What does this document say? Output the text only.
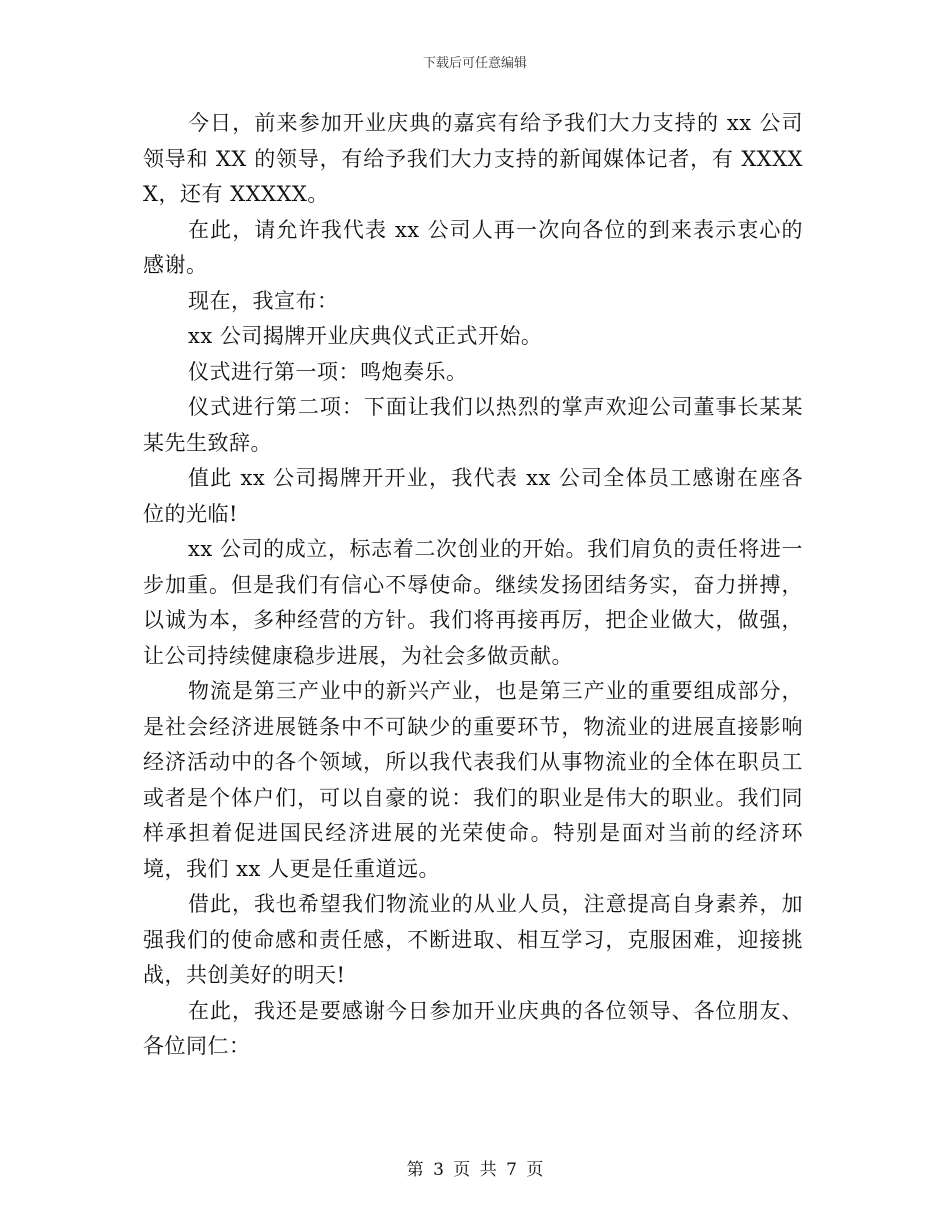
下载后可任意编辑

今日，前来参加开业庆典的嘉宾有给予我们大力支持的 xx 公司领导和 XX 的领导，有给予我们大力支持的新闻媒体记者，有 XXXXX，还有 XXXXX。

在此，请允许我代表 xx 公司人再一次向各位的到来表示衷心的感谢。

现在，我宣布：

xx 公司揭牌开业庆典仪式正式开始。

仪式进行第一项：鸣炮奏乐。

仪式进行第二项：下面让我们以热烈的掌声欢迎公司董事长某某某先生致辞。

值此 xx 公司揭牌开开业，我代表 xx 公司全体员工感谢在座各位的光临!

xx 公司的成立，标志着二次创业的开始。我们肩负的责任将进一步加重。但是我们有信心不辱使命。继续发扬团结务实，奋力拼搏，以诚为本，多种经营的方针。我们将再接再厉，把企业做大，做强，让公司持续健康稳步进展，为社会多做贡献。

物流是第三产业中的新兴产业，也是第三产业的重要组成部分，是社会经济进展链条中不可缺少的重要环节，物流业的进展直接影响经济活动中的各个领域，所以我代表我们从事物流业的全体在职员工或者是个体户们，可以自豪的说：我们的职业是伟大的职业。我们同样承担着促进国民经济进展的光荣使命。特别是面对当前的经济环境，我们 xx 人更是任重道远。

借此，我也希望我们物流业的从业人员，注意提高自身素养，加强我们的使命感和责任感，不断进取、相互学习，克服困难，迎接挑战，共创美好的明天!

在此，我还是要感谢今日参加开业庆典的各位领导、各位朋友、各位同仁：

第 3 页 共 7 页
